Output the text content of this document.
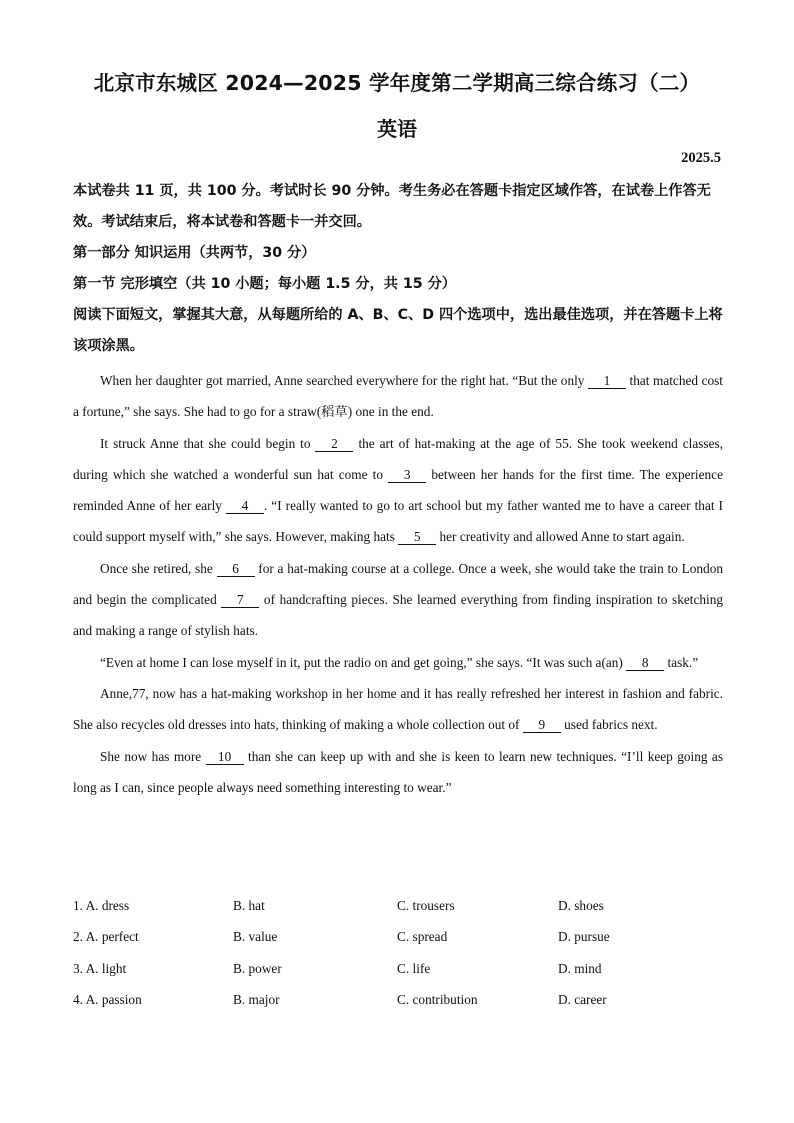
北京市东城区 2024—2025 学年度第二学期高三综合练习（二）
英语
2025.5

本试卷共 11 页，共 100 分。考试时长 90 分钟。考生务必在答题卡指定区域作答，在试卷上作答无效。考试结束后，将本试卷和答题卡一并交回。

第一部分 知识运用（共两节，30 分）

第一节 完形填空（共 10 小题；每小题 1.5 分，共 15 分）

阅读下面短文，掌握其大意，从每题所给的 A、B、C、D 四个选项中，选出最佳选项，并在答题卡上将该项涂黑。

When her daughter got married, Anne searched everywhere for the right hat. “But the only 1 that matched cost a fortune,” she says. She had to go for a straw(稻草) one in the end.

It struck Anne that she could begin to 2 the art of hat-making at the age of 55. She took weekend classes, during which she watched a wonderful sun hat come to 3 between her hands for the first time. The experience reminded Anne of her early 4 . “I really wanted to go to art school but my father wanted me to have a career that I could support myself with,” she says. However, making hats 5 her creativity and allowed Anne to start again.

Once she retired, she 6 for a hat-making course at a college. Once a week, she would take the train to London and begin the complicated 7 of handcrafting pieces. She learned everything from finding inspiration to sketching and making a range of stylish hats.

“Even at home I can lose myself in it, put the radio on and get going,” she says. “It was such a(an) 8 task.”

Anne,77, now has a hat-making workshop in her home and it has really refreshed her interest in fashion and fabric. She also recycles old dresses into hats, thinking of making a whole collection out of 9 used fabrics next.

She now has more 10 than she can keep up with and she is keen to learn new techniques. “I’ll keep going as long as I can, since people always need something interesting to wear.”

1. A. dress	B. hat	C. trousers	D. shoes
2. A. perfect	B. value	C. spread	D. pursue
3. A. light	B. power	C. life	D. mind
4. A. passion	B. major	C. contribution	D. career
